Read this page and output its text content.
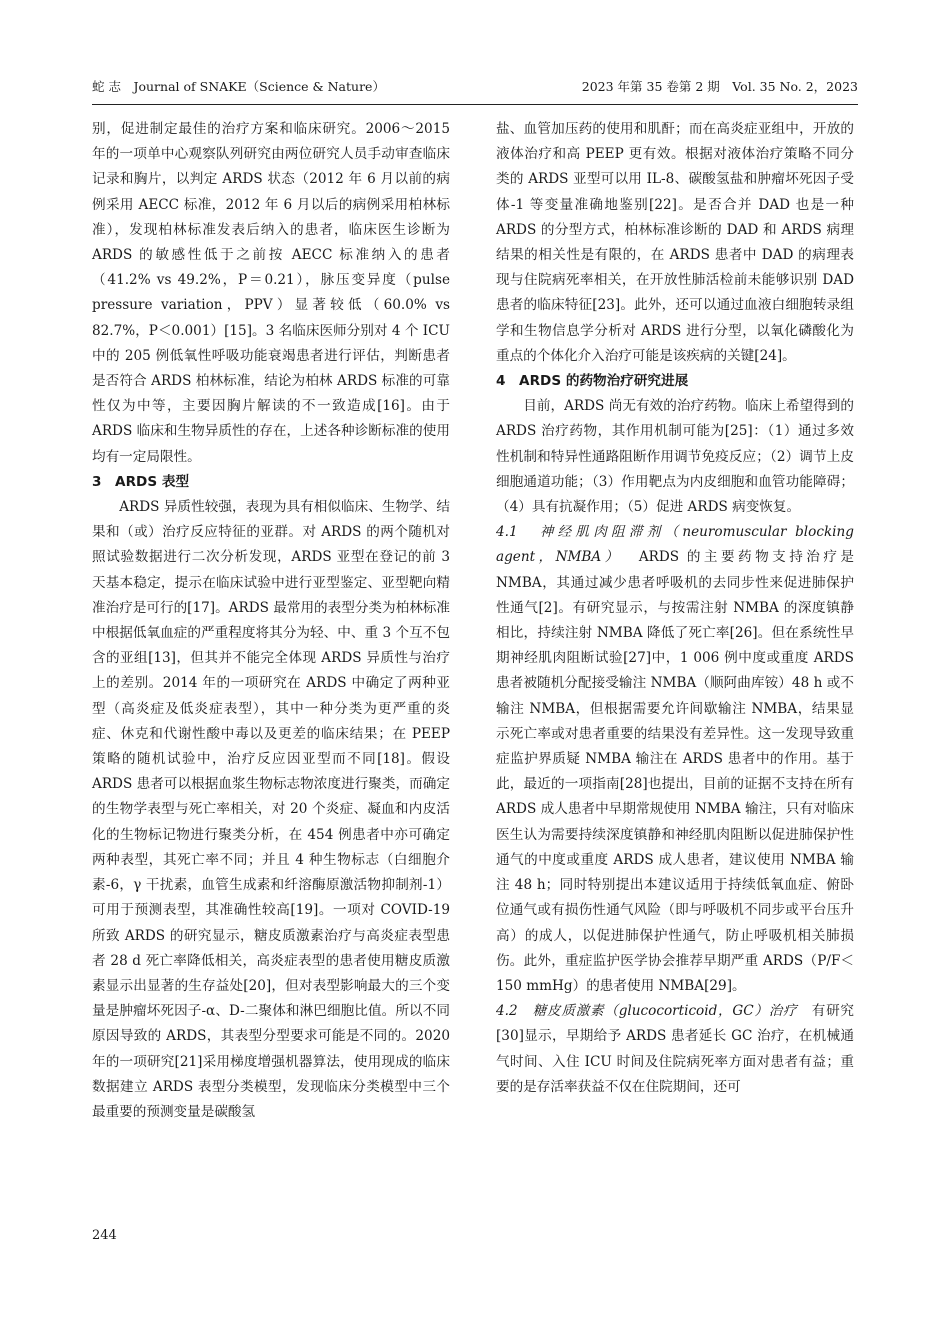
蛇 志　Journal of SNAKE（Science & Nature）	2023 年第 35 卷第 2 期　Vol. 35 No. 2，2023

别，促进制定最佳的治疗方案和临床研究。2006～2015 年的一项单中心观察队列研究由两位研究人员手动审查临床记录和胸片，以判定 ARDS 状态（2012 年 6 月以前的病例采用 AECC 标准，2012 年 6 月以后的病例采用柏林标准），发现柏林标准发表后纳入的患者，临床医生诊断为 ARDS 的敏感性低于之前按 AECC 标准纳入的患者（41.2% vs 49.2%，P＝0.21），脉压变异度（pulse pressure variation，PPV）显著较低（60.0% vs 82.7%，P＜0.001）[15]。3 名临床医师分别对 4 个 ICU 中的 205 例低氧性呼吸功能衰竭患者进行评估，判断患者是否符合 ARDS 柏林标准，结论为柏林 ARDS 标准的可靠性仅为中等，主要因胸片解读的不一致造成[16]。由于 ARDS 临床和生物异质性的存在，上述各种诊断标准的使用均有一定局限性。

3　ARDS 表型

ARDS 异质性较强，表现为具有相似临床、生物学、结果和（或）治疗反应特征的亚群。对 ARDS 的两个随机对照试验数据进行二次分析发现，ARDS 亚型在登记的前 3 天基本稳定，提示在临床试验中进行亚型鉴定、亚型靶向精准治疗是可行的[17]。ARDS 最常用的表型分类为柏林标准中根据低氧血症的严重程度将其分为轻、中、重 3 个互不包含的亚组[13]，但其并不能完全体现 ARDS 异质性与治疗上的差别。2014 年的一项研究在 ARDS 中确定了两种亚型（高炎症及低炎症表型），其中一种分类为更严重的炎症、休克和代谢性酸中毒以及更差的临床结果；在 PEEP 策略的随机试验中，治疗反应因亚型而不同[18]。假设 ARDS 患者可以根据血浆生物标志物浓度进行聚类，而确定的生物学表型与死亡率相关，对 20 个炎症、凝血和内皮活化的生物标记物进行聚类分析，在 454 例患者中亦可确定两种表型，其死亡率不同；并且 4 种生物标志（白细胞介素-6，γ 干扰素，血管生成素和纤溶酶原激活物抑制剂-1）可用于预测表型，其准确性较高[19]。一项对 COVID-19 所致 ARDS 的研究显示，糖皮质激素治疗与高炎症表型患者 28 d 死亡率降低相关，高炎症表型的患者使用糖皮质激素显示出显著的生存益处[20]，但对表型影响最大的三个变量是肿瘤坏死因子-α、D-二聚体和淋巴细胞比值。所以不同原因导致的 ARDS，其表型分型要求可能是不同的。2020 年的一项研究[21]采用梯度增强机器算法，使用现成的临床数据建立 ARDS 表型分类模型，发现临床分类模型中三个最重要的预测变量是碳酸氢

盐、血管加压药的使用和肌酐；而在高炎症亚组中，开放的液体治疗和高 PEEP 更有效。根据对液体治疗策略不同分类的 ARDS 亚型可以用 IL-8、碳酸氢盐和肿瘤坏死因子受体-1 等变量准确地鉴别[22]。是否合并 DAD 也是一种 ARDS 的分型方式，柏林标准诊断的 DAD 和 ARDS 病理结果的相关性是有限的，在 ARDS 患者中 DAD 的病理表现与住院病死率相关，在开放性肺活检前未能够识别 DAD 患者的临床特征[23]。此外，还可以通过血液白细胞转录组学和生物信息学分析对 ARDS 进行分型，以氧化磷酸化为重点的个体化介入治疗可能是该疾病的关键[24]。

4　ARDS 的药物治疗研究进展

目前，ARDS 尚无有效的治疗药物。临床上希望得到的 ARDS 治疗药物，其作用机制可能为[25]：（1）通过多效性机制和特异性通路阻断作用调节免疫反应；（2）调节上皮细胞通道功能；（3）作用靶点为内皮细胞和血管功能障碍；（4）具有抗凝作用；（5）促进 ARDS 病变恢复。

4.1　神经肌肉阻滞剂（neuromuscular blocking agent，NMBA）　 ARDS 的主要药物支持治疗是 NMBA，其通过减少患者呼吸机的去同步性来促进肺保护性通气[2]。有研究显示，与按需注射 NMBA 的深度镇静相比，持续注射 NMBA 降低了死亡率[26]。但在系统性早期神经肌肉阻断试验[27]中，1 006 例中度或重度 ARDS 患者被随机分配接受输注 NMBA（顺阿曲库铵）48 h 或不输注 NMBA，但根据需要允许间歇输注 NMBA，结果显示死亡率或对患者重要的结果没有差异性。这一发现导致重症监护界质疑 NMBA 输注在 ARDS 患者中的作用。基于此，最近的一项指南[28]也提出，目前的证据不支持在所有 ARDS 成人患者中早期常规使用 NMBA 输注，只有对临床医生认为需要持续深度镇静和神经肌肉阻断以促进肺保护性通气的中度或重度 ARDS 成人患者，建议使用 NMBA 输注 48 h；同时特别提出本建议适用于持续低氧血症、俯卧位通气或有损伤性通气风险（即与呼吸机不同步或平台压升高）的成人，以促进肺保护性通气，防止呼吸机相关肺损伤。此外，重症监护医学协会推荐早期严重 ARDS（P/F＜150 mmHg）的患者使用 NMBA[29]。

4.2　糖皮质激素（glucocorticoid，GC）治疗　 有研究[30]显示，早期给予 ARDS 患者延长 GC 治疗，在机械通气时间、入住 ICU 时间及住院病死率方面对患者有益；重要的是存活率获益不仅在住院期间，还可

244
